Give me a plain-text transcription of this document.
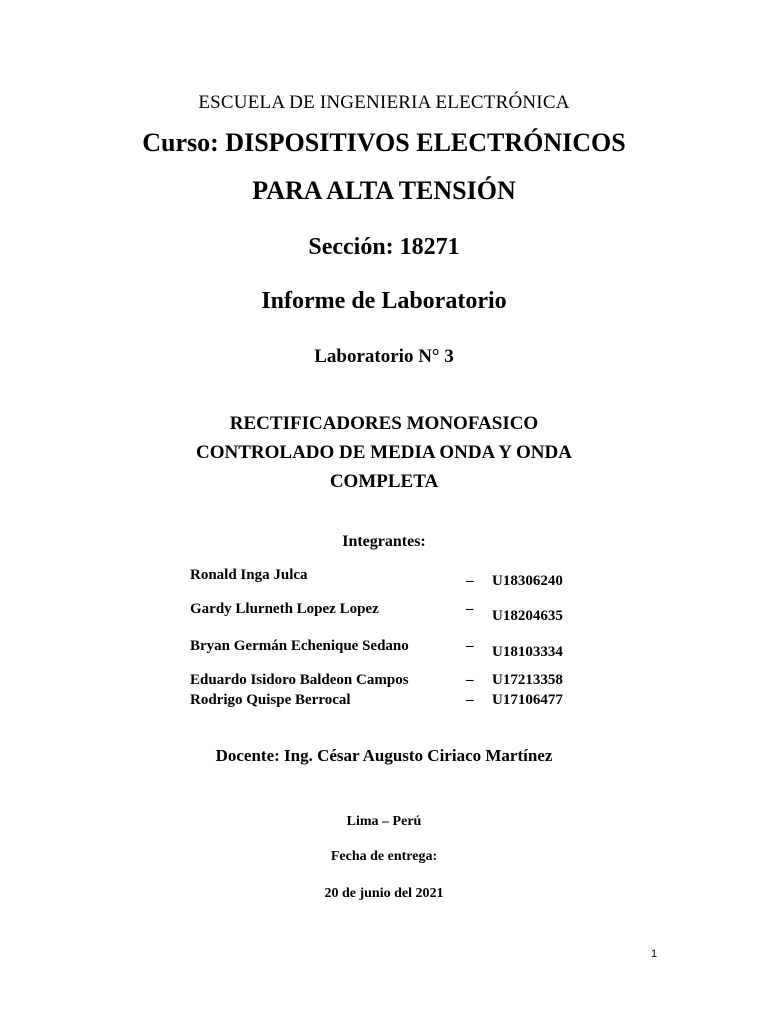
ESCUELA DE INGENIERIA ELECTRÓNICA
Curso: DISPOSITIVOS ELECTRÓNICOS
PARA ALTA TENSIÓN
Sección: 18271
Informe de Laboratorio
Laboratorio N° 3
RECTIFICADORES MONOFASICO
CONTROLADO DE MEDIA ONDA Y ONDA
COMPLETA
Integrantes:
Ronald Inga Julca	– U18306240
Gardy Llurneth Lopez Lopez	– U18204635
Bryan Germán Echenique Sedano	– U18103334
Eduardo Isidoro Baldeon Campos	– U17213358
Rodrigo Quispe Berrocal	– U17106477
Docente: Ing. César Augusto Ciriaco Martínez
Lima – Perú
Fecha de entrega:
20 de junio del 2021
1
